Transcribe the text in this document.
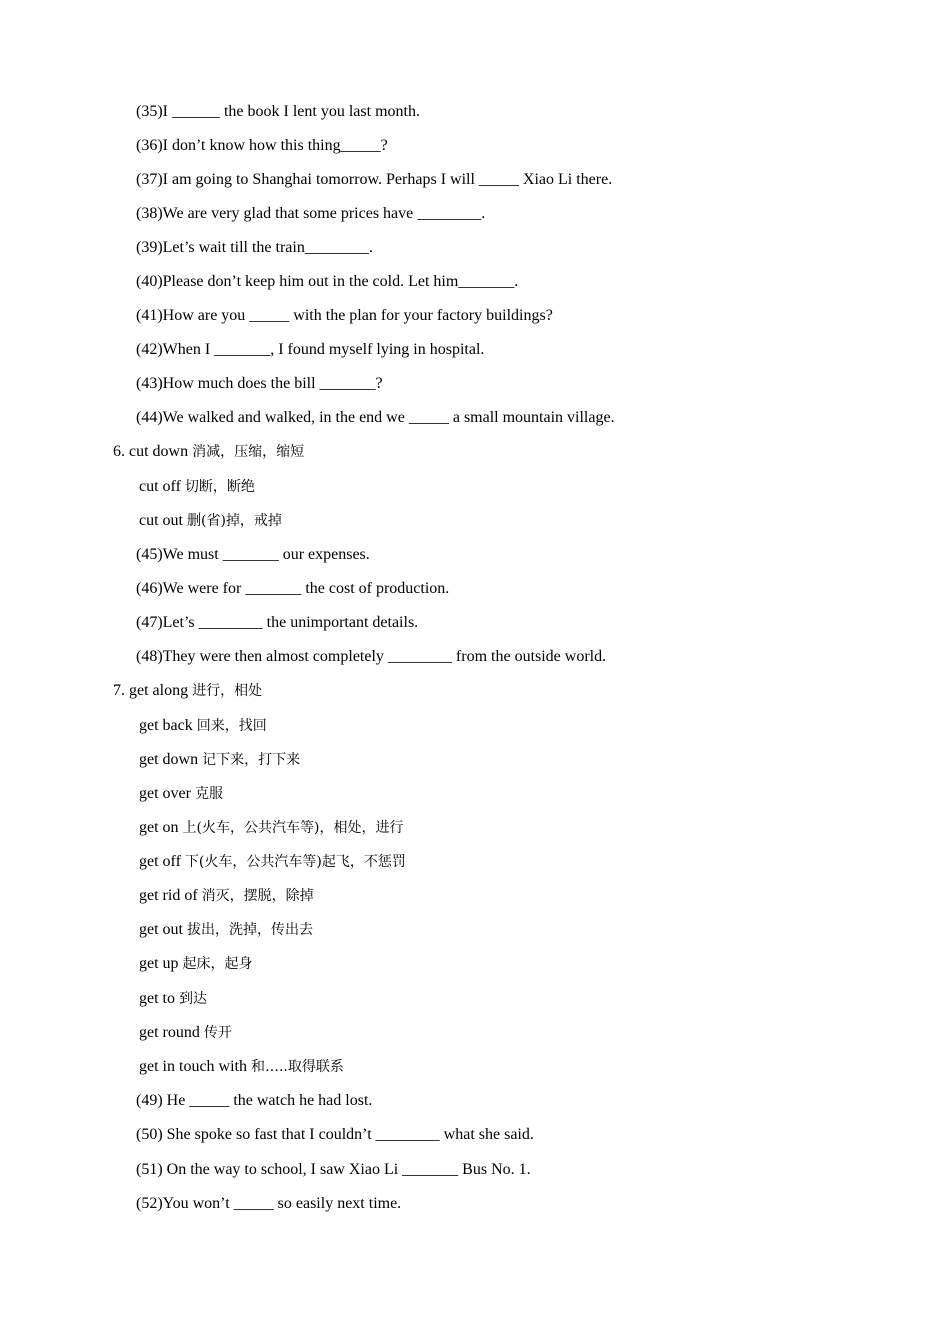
(35)I ______ the book I lent you last month.
(36)I don’t know how this thing_____?
(37)I am going to Shanghai tomorrow. Perhaps I will _____ Xiao Li there.
(38)We are very glad that some prices have ________.
(39)Let’s wait till the train________.
(40)Please don’t keep him out in the cold. Let him_______.
(41)How are you _____ with the plan for your factory buildings?
(42)When I _______, I found myself lying in hospital.
(43)How much does the bill _______?
(44)We walked and walked, in the end we _____ a small mountain village.
6. cut down 消减，压缩，缩短
cut off 切断，断绝
cut out 删(省)掉，戒掉
(45)We must _______ our expenses.
(46)We were for _______ the cost of production.
(47)Let’s ________ the unimportant details.
(48)They were then almost completely ________ from the outside world.
7. get along 进行，相处
get back 回来，找回
get down 记下来，打下来
get over 克服
get on 上(火车，公共汽车等)，相处，进行
get off 下(火车，公共汽车等)起飞，不惩罚
get rid of 消灭，摆脱，除掉
get out 拔出，洗掉，传出去
get up 起床，起身
get to 到达
get round 传开
get in touch with 和…..取得联系
(49) He _____ the watch he had lost.
(50) She spoke so fast that I couldn’t ________ what she said.
(51) On the way to school, I saw Xiao Li _______ Bus No. 1.
(52)You won’t _____ so easily next time.
